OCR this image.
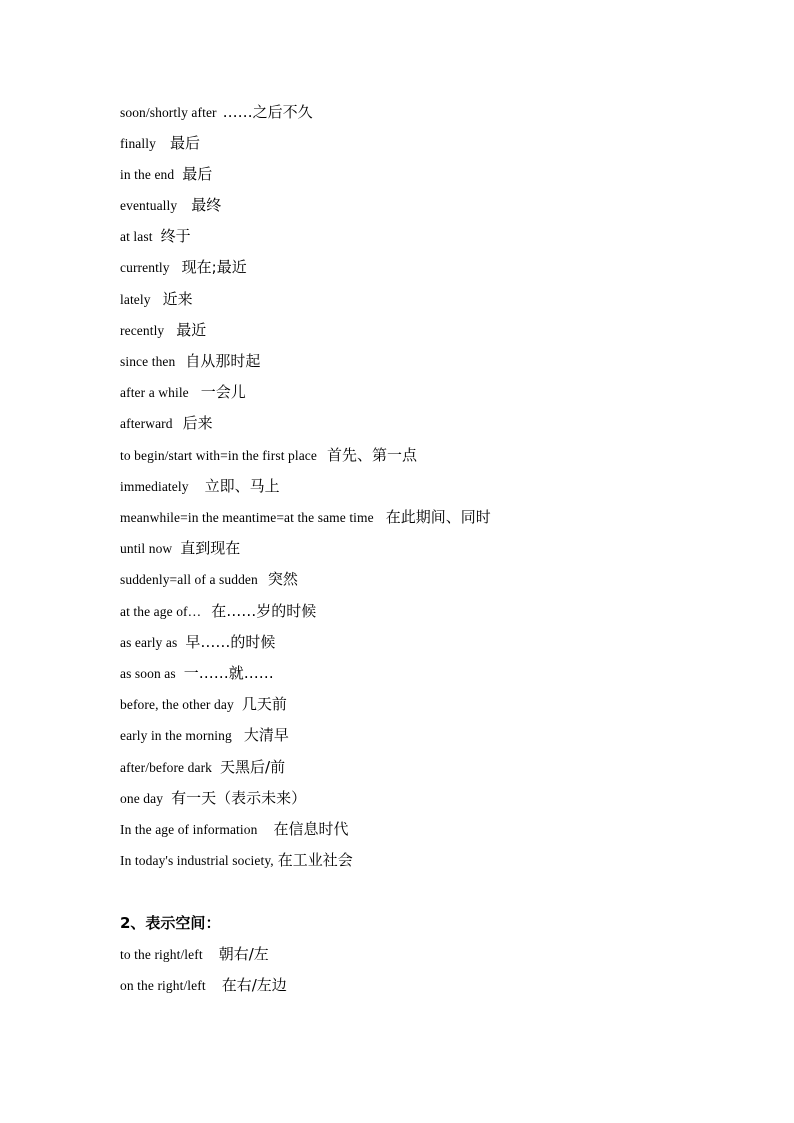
soon/shortly after ……之后不久
finally 最后
in the end 最后
eventually 最终
at last 终于
currently 现在;最近
lately 近来
recently 最近
since then 自从那时起
after a while 一会儿
afterward 后来
to begin/start with=in the first place 首先、第一点
immediately 立即、马上
meanwhile=in the meantime=at the same time 在此期间、同时
until now 直到现在
suddenly=all of a sudden 突然
at the age of… 在……岁的时候
as early as 早……的时候
as soon as 一……就……
before, the other day 几天前
early in the morning 大清早
after/before dark 天黑后/前
one day 有一天（表示未来）
In the age of information 在信息时代
In today's industrial society, 在工业社会
2、表示空间：
to the right/left 朝右/左
on the right/left 在右/左边
